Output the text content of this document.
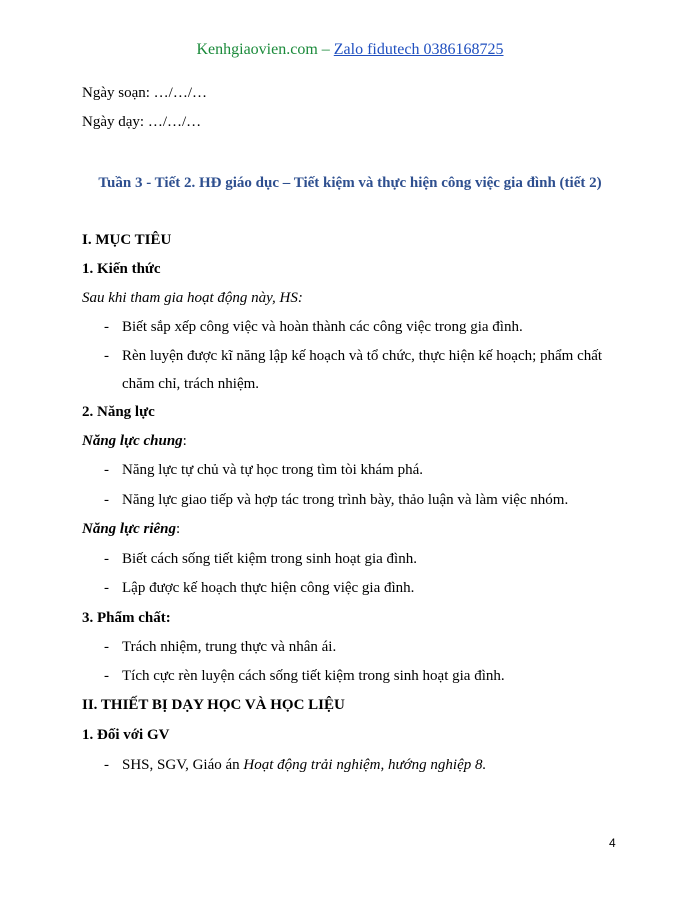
Kenhgiaovien.com – Zalo fidutech 0386168725
Ngày soạn: …/…/…
Ngày dạy: …/…/…
Tuần 3 - Tiết 2. HĐ giáo dục – Tiết kiệm và thực hiện công việc gia đình (tiết 2)
I. MỤC TIÊU
1. Kiến thức
Sau khi tham gia hoạt động này, HS:
- Biết sắp xếp công việc và hoàn thành các công việc trong gia đình.
- Rèn luyện được kĩ năng lập kế hoạch và tổ chức, thực hiện kế hoạch; phẩm chất chăm chỉ, trách nhiệm.
2. Năng lực
Năng lực chung:
- Năng lực tự chủ và tự học trong tìm tòi khám phá.
- Năng lực giao tiếp và hợp tác trong trình bày, thảo luận và làm việc nhóm.
Năng lực riêng:
- Biết cách sống tiết kiệm trong sinh hoạt gia đình.
- Lập được kế hoạch thực hiện công việc gia đình.
3. Phẩm chất:
- Trách nhiệm, trung thực và nhân ái.
- Tích cực rèn luyện cách sống tiết kiệm trong sinh hoạt gia đình.
II. THIẾT BỊ DẠY HỌC VÀ HỌC LIỆU
1. Đối với GV
- SHS, SGV, Giáo án Hoạt động trải nghiệm, hướng nghiệp 8.
4
